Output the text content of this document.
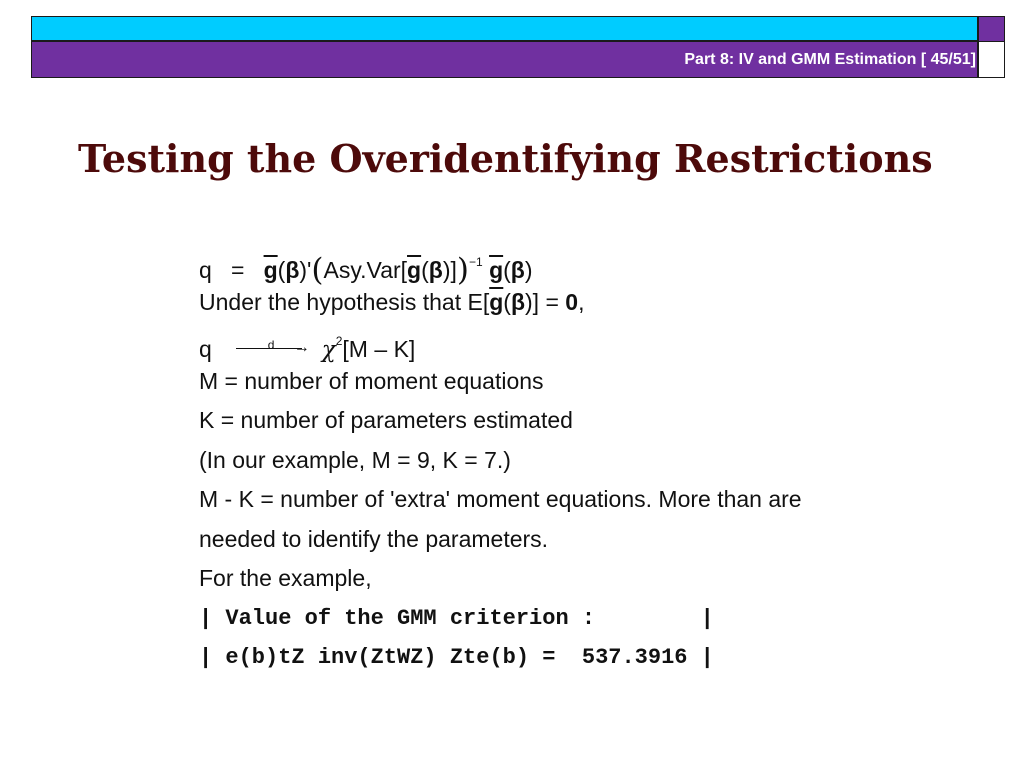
Part 8: IV and GMM Estimation [ 45/51]
Testing the Overidentifying Restrictions
$q = \overline{g}(\beta)'(Asy.Var[\overline{g}(\beta)])^{-1}$ $\overline{g}(\beta)$
Under the hypothesis that $E[\overline{g}(\beta)] = 0$,
q	$d \to \chi^2[M - K]$
M = number of moment equations
K = number of parameters estimated
(In our example, M = 9, K = 7.)
M - K = number of 'extra' moment equations. More than are
needed to identify the parameters.
For the example,
| Value of the GMM criterion :        |
| e(b)tZ inv(ZtWZ) Zte(b) =  537.3916 |
